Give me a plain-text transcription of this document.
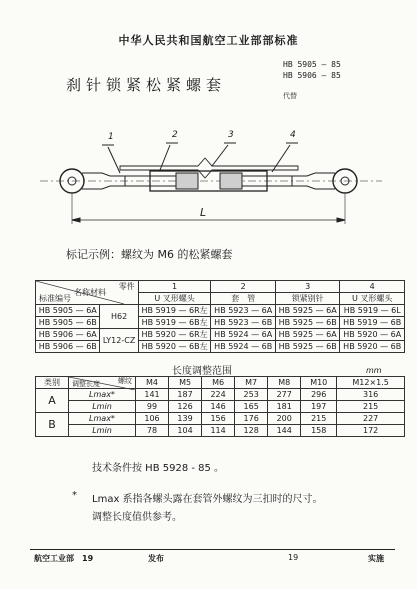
中华人民共和国航空工业部部标准
刹针锁紧松紧螺套
HB 5905 — 85
HB 5906 — 85
代替
1	2	3	4
L
标记示例：螺纹为 M6 的松紧螺套
零件
名称材料
标准编号		1	2	3	4
		U 叉形螺头	套　管	锁紧别针	U 叉形螺头
HB 5905 — 6A	H62	HB 5919 — 6R左	HB 5923 — 6A	HB 5925 — 6A	HB 5919 — 6L
HB 5905 — 6B		HB 5919 — 6B左	HB 5923 — 6B	HB 5925 — 6B	HB 5919 — 6B
HB 5906 — 6A	LY12-CZ	HB 5920 — 6R左	HB 5924 — 6A	HB 5925 — 6A	HB 5920 — 6A
HB 5906 — 6B		HB 5920 — 6B左	HB 5924 — 6B	HB 5925 — 6B	HB 5920 — 6B
长度调整范围	mm
类别	螺纹
调整长度	M4	M5	M6	M7	M8	M10	M12×1.5
A	Lmax*	141	187	224	253	277	296	316
	Lmin	99	126	146	165	181	197	215
B	Lmax*	106	139	156	176	200	215	227
	Lmin	78	104	114	128	144	158	172
技术条件按 HB 5928 - 85 。
* Lmax 系指各螺头露在套管外螺纹为三扣时的尺寸。
调整长度值供参考。
航空工业部　19	发布	19	实施
